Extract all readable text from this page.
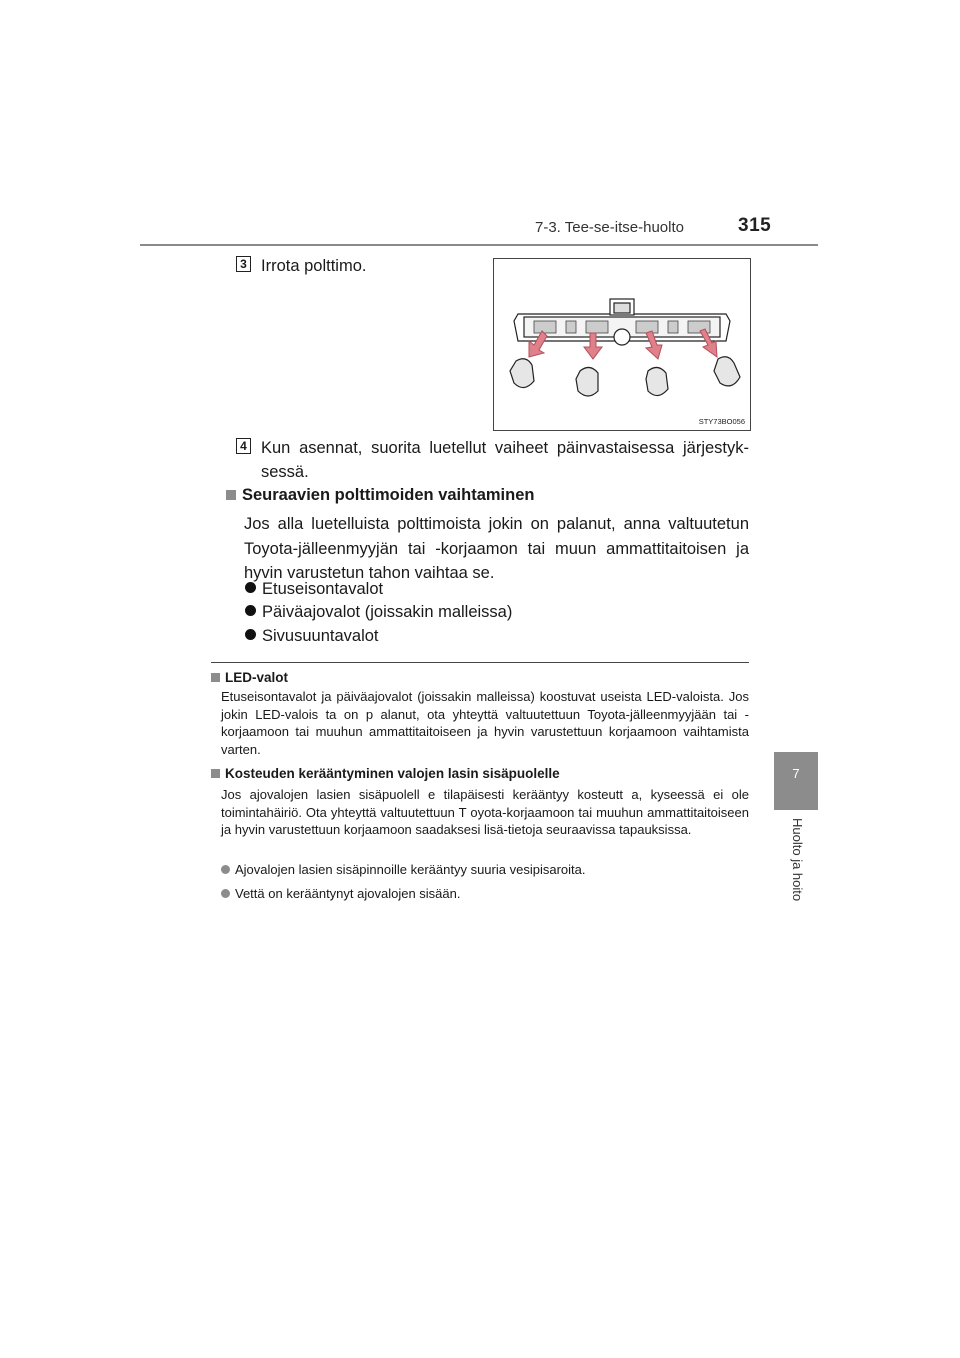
7-3. Tee-se-itse-huolto	315
7
Huolto ja hoito
3 Irrota polttimo.
STY73BO056
4 Kun asennat, suorita luetellut vaiheet päinvastaisessa järjestyk-sessä.
Seuraavien polttimoiden vaihtaminen
Jos alla luetelluista polttimoista jokin on palanut, anna valtuutetun Toyota-jälleenmyyjän tai -korjaamon tai muun ammattitaitoisen ja hyvin varustetun tahon vaihtaa se.
Etuseisontavalot
Päiväajovalot (joissakin malleissa)
Sivusuuntavalot
LED-valot
Etuseisontavalot ja päiväajovalot (joissakin malleissa) koostuvat useista LED-valoista. Jos jokin LED-valois ta on p alanut, ota yhteyttä valtuutettuun Toyota-jälleenmyyjään tai -korjaamoon tai muuhun ammattitaitoiseen ja hyvin varustettuun korjaamoon vaihtamista varten.
Kosteuden kerääntyminen valojen lasin sisäpuolelle
Jos ajovalojen lasien sisäpuolell e tilapäisesti kerääntyy kosteutt a, kyseessä ei ole toimintahäiriö. Ota yhteyttä valtuutettuun T oyota-korjaamoon tai muuhun ammattitaitoiseen ja hyvin varustettuun korjaamoon saadaksesi lisä-tietoja seuraavissa tapauksissa.
Ajovalojen lasien sisäpinnoille kerääntyy suuria vesipisaroita.
Vettä on kerääntynyt ajovalojen sisään.
